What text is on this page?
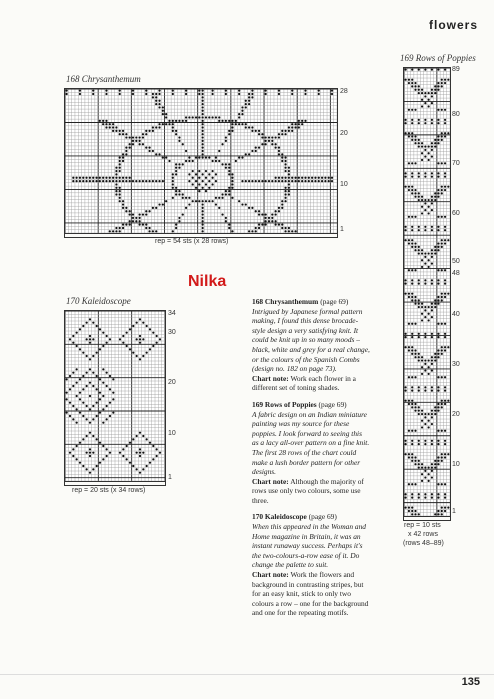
flowers
168 Chrysanthemum
28
20
10
1
rep = 54 sts (x 28 rows)
169 Rows of Poppies
89
80
70
60
50
48
40
30
20
10
1
rep = 10 sts
x 42 rows
(rows 48–89)
Nilka
170 Kaleidoscope
34
30
20
10
1
rep = 20 sts (x 34 rows)

168 Chrysanthemum (page 69)

Intrigued by Japanese formal pattern making, I found this dense brocade-style design a very satisfying knit. It could be knit up in so many moods – black, white and grey for a real change, or the colours of the Spanish Combs (design no. 182 on page 73).

Chart note: Work each flower in a different set of toning shades.

169 Rows of Poppies (page 69)

A fabric design on an Indian miniature painting was my source for these poppies. I look forward to seeing this as a lacy all-over pattern on a fine knit. The first 28 rows of the chart could make a lush border pattern for other designs.

Chart note: Although the majority of rows use only two colours, some use three.

170 Kaleidoscope (page 69)

When this appeared in the Woman and Home magazine in Britain, it was an instant runaway success. Perhaps it's the two-colours-a-row ease of it. Do change the palette to suit.

Chart note: Work the flowers and background in contrasting stripes, but for an easy knit, stick to only two colours a row – one for the background and one for the repeating motifs.

135
